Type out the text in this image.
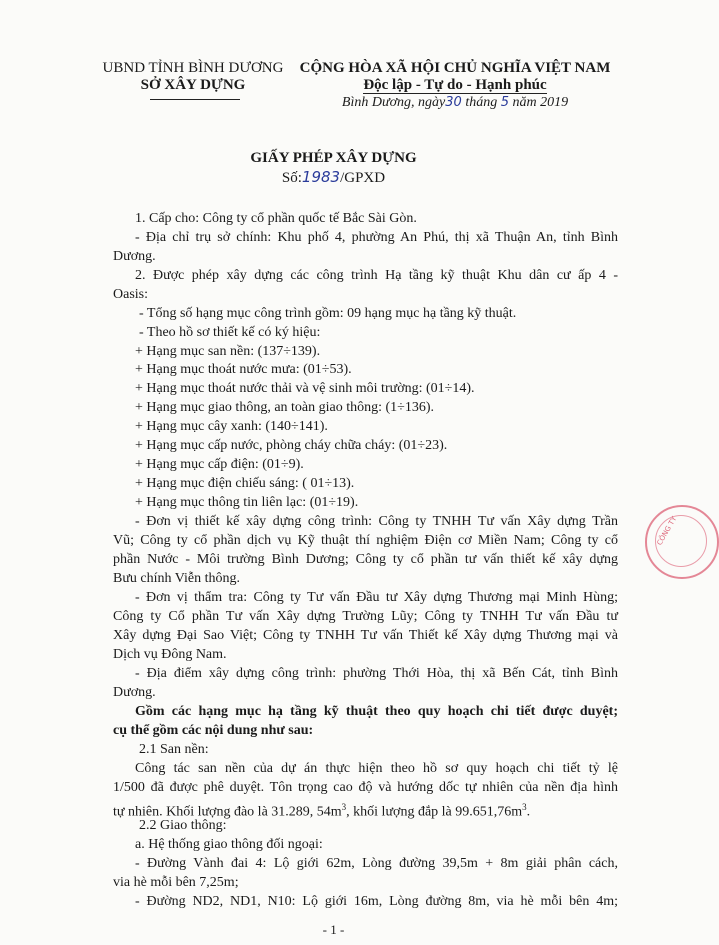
UBND TỈNH BÌNH DƯƠNG
SỞ XÂY DỰNG
CỘNG HÒA XÃ HỘI CHỦ NGHĨA VIỆT NAM
Độc lập - Tự do - Hạnh phúc
Bình Dương, ngày30 tháng 5 năm 2019
GIẤY PHÉP XÂY DỰNG
Số:1983/GPXD
CÔNG TY
1. Cấp cho: Công ty cổ phần quốc tế Bắc Sài Gòn.
- Địa chỉ trụ sở chính: Khu phố 4, phường An Phú, thị xã Thuận An, tỉnh Bình
Dương.
2. Được phép xây dựng các công trình Hạ tầng kỹ thuật Khu dân cư ấp 4 -
Oasis:
- Tổng số hạng mục công trình gồm: 09 hạng mục hạ tầng kỹ thuật.
- Theo hồ sơ thiết kế có ký hiệu:
+ Hạng mục san nền: (137÷139).
+ Hạng mục thoát nước mưa: (01÷53).
+ Hạng mục thoát nước thải và vệ sinh môi trường: (01÷14).
+ Hạng mục giao thông, an toàn giao thông: (1÷136).
+ Hạng mục cây xanh: (140÷141).
+ Hạng mục cấp nước, phòng cháy chữa cháy: (01÷23).
+ Hạng mục cấp điện: (01÷9).
+ Hạng mục điện chiếu sáng: ( 01÷13).
+ Hạng mục thông tin liên lạc: (01÷19).
- Đơn vị thiết kế xây dựng công trình: Công ty TNHH Tư vấn Xây dựng Trần
Vũ; Công ty cổ phần dịch vụ Kỹ thuật thí nghiệm Điện cơ Miền Nam; Công ty cổ
phần Nước - Môi trường Bình Dương; Công ty cổ phần tư vấn thiết kế xây dựng
Bưu chính Viễn thông.
- Đơn vị thẩm tra: Công ty Tư vấn Đầu tư Xây dựng Thương mại Minh Hùng;
Công ty Cổ phần Tư vấn Xây dựng Trường Lũy; Công ty TNHH Tư vấn Đầu tư
Xây dựng Đại Sao Việt; Công ty TNHH Tư vấn Thiết kế Xây dựng Thương mại và
Dịch vụ Đông Nam.
- Địa điểm xây dựng công trình: phường Thới Hòa, thị xã Bến Cát, tỉnh Bình
Dương.
Gồm các hạng mục hạ tầng kỹ thuật theo quy hoạch chi tiết được duyệt;
cụ thể gồm các nội dung như sau:
2.1 San nền:
Công tác san nền của dự án thực hiện theo hồ sơ quy hoạch chi tiết tỷ lệ
1/500 đã được phê duyệt. Tôn trọng cao độ và hướng dốc tự nhiên của nền địa hình
tự nhiên. Khối lượng đào là 31.289, $54m^3$, khối lượng đắp là $99.651,76m^3$.
2.2 Giao thông:
a. Hệ thống giao thông đối ngoại:
- Đường Vành đai 4: Lộ giới 62m, Lòng đường 39,5m + 8m giải phân cách,
via hè mỗi bên 7,25m;
- Đường ND2, ND1, N10: Lộ giới 16m, Lòng đường 8m, via hè mỗi bên 4m;
- 1 -
